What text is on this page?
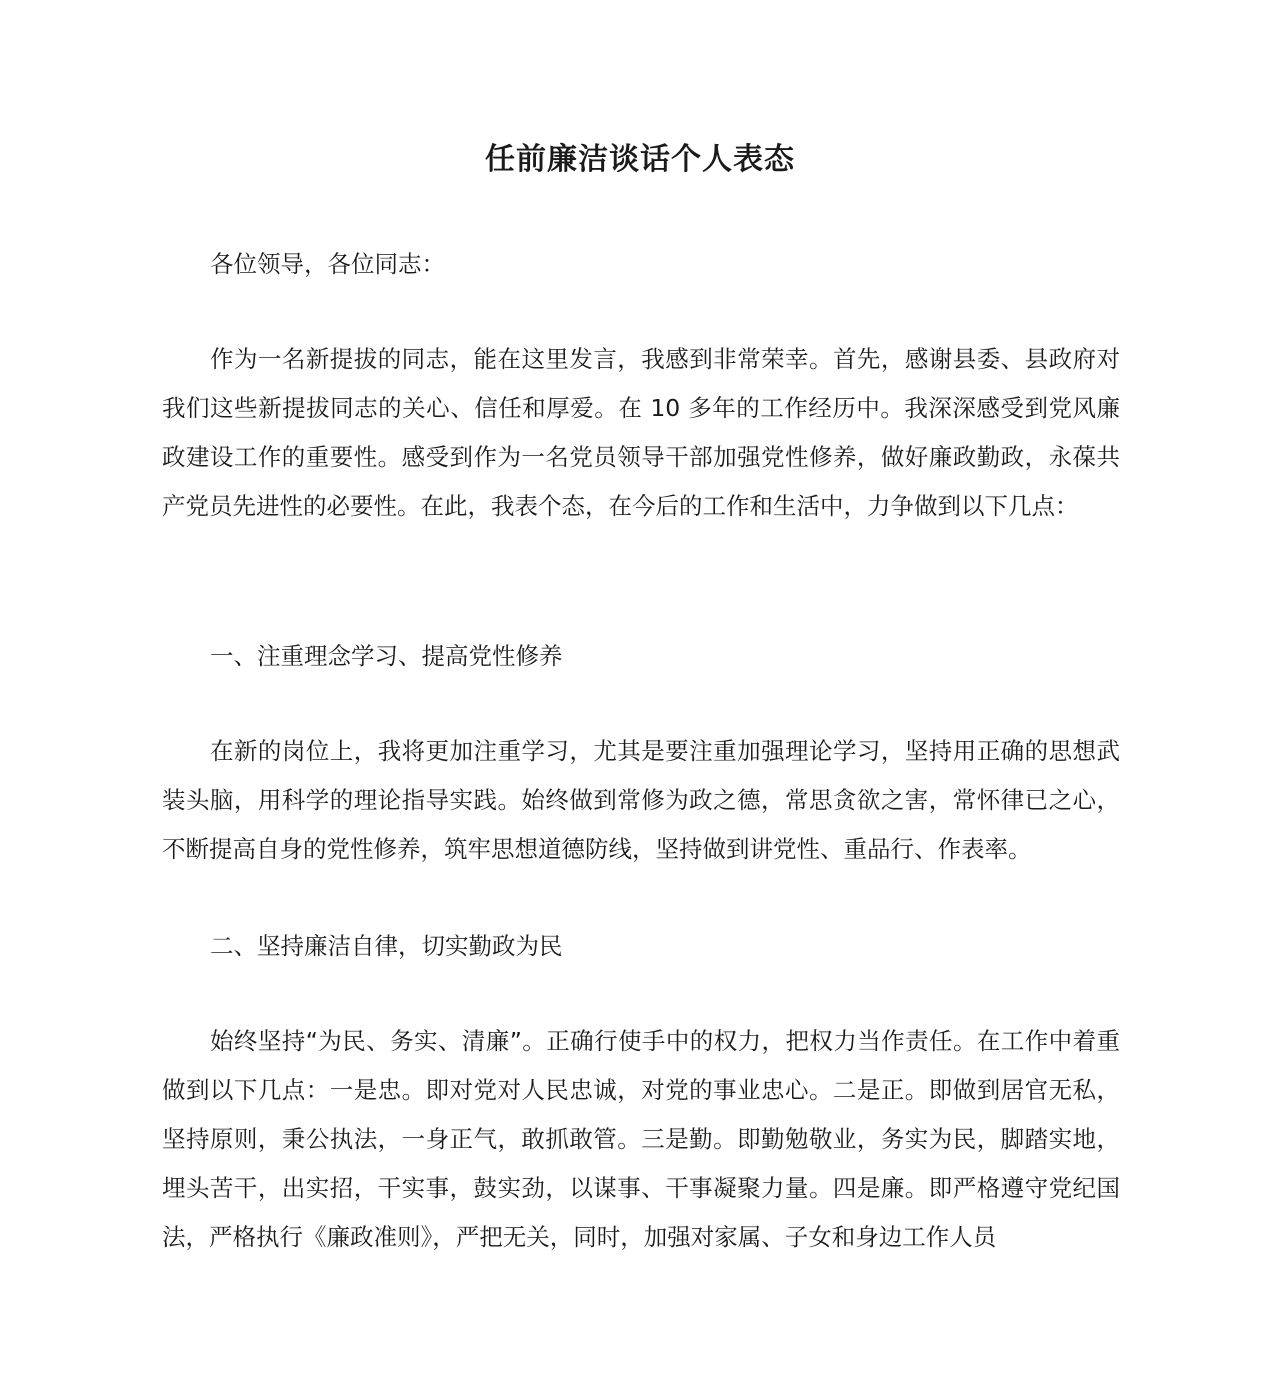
任前廉洁谈话个人表态

各位领导，各位同志：

作为一名新提拔的同志，能在这里发言，我感到非常荣幸。首先，感谢县委、县政府对我们这些新提拔同志的关心、信任和厚爱。在 10 多年的工作经历中。我深深感受到党风廉政建设工作的重要性。感受到作为一名党员领导干部加强党性修养，做好廉政勤政，永葆共产党员先进性的必要性。在此，我表个态，在今后的工作和生活中，力争做到以下几点：

一、注重理念学习、提高党性修养

在新的岗位上，我将更加注重学习，尤其是要注重加强理论学习，坚持用正确的思想武装头脑，用科学的理论指导实践。始终做到常修为政之德，常思贪欲之害，常怀律已之心，不断提高自身的党性修养，筑牢思想道德防线，坚持做到讲党性、重品行、作表率。

二、坚持廉洁自律，切实勤政为民

始终坚持“为民、务实、清廉”。正确行使手中的权力，把权力当作责任。在工作中着重做到以下几点：一是忠。即对党对人民忠诚，对党的事业忠心。二是正。即做到居官无私，坚持原则，秉公执法，一身正气，敢抓敢管。三是勤。即勤勉敬业，务实为民，脚踏实地，埋头苦干，出实招，干实事，鼓实劲，以谋事、干事凝聚力量。四是廉。即严格遵守党纪国法，严格执行《廉政准则》，严把无关，同时，加强对家属、子女和身边工作人员
